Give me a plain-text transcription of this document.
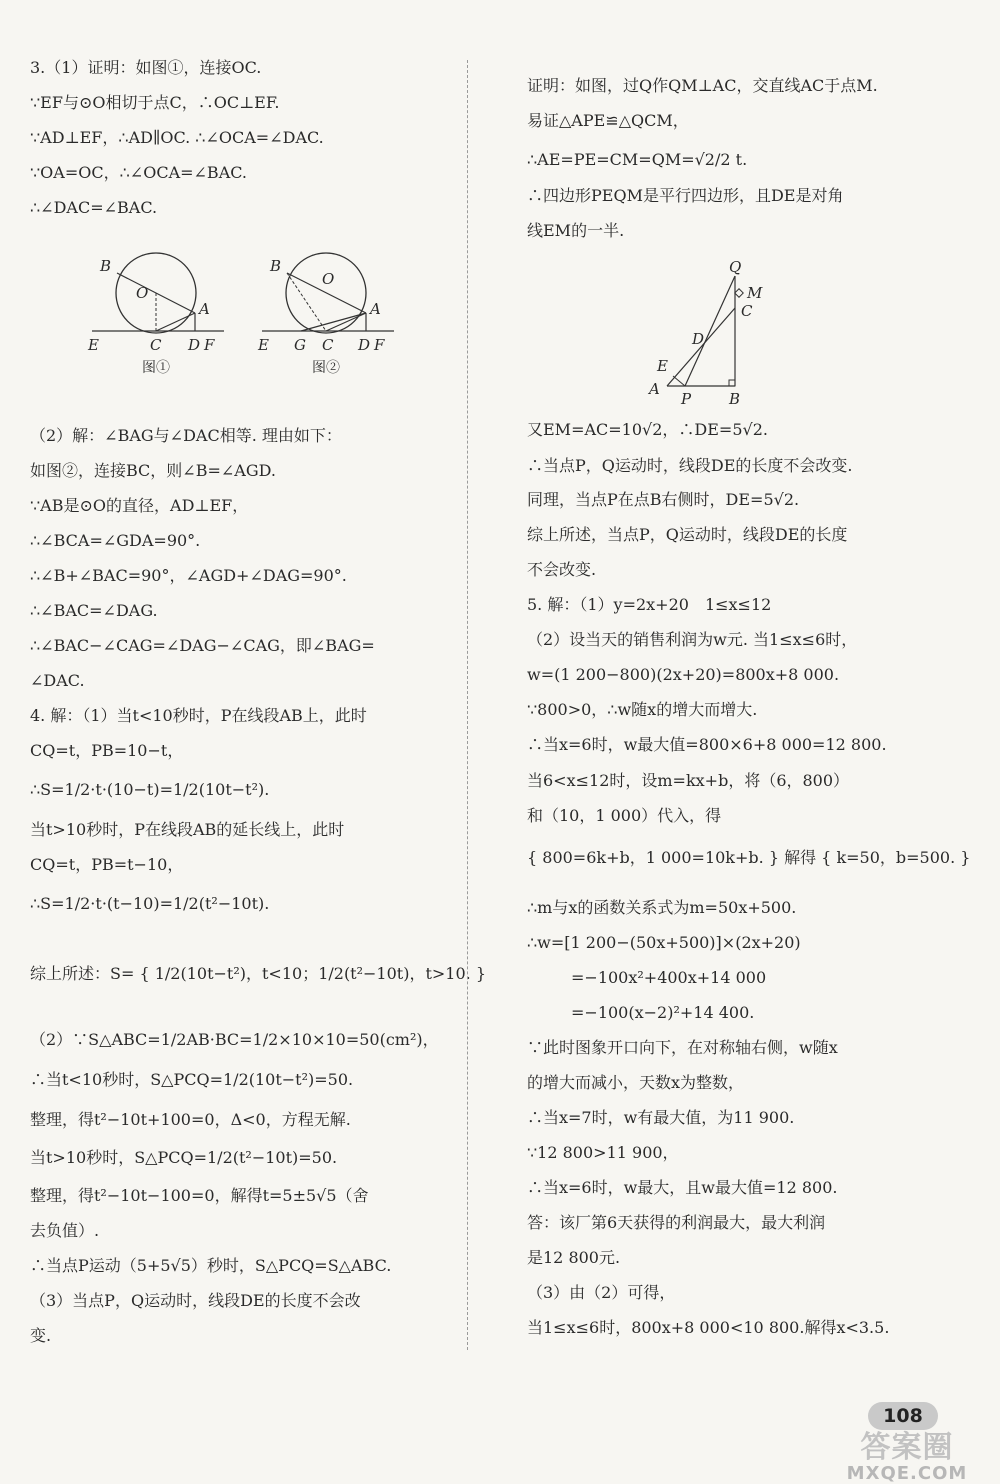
3.（1）证明：如图①，连接OC.
∵EF与⊙O相切于点C，∴OC⊥EF.
∵AD⊥EF，∴AD∥OC. ∴∠OCA=∠DAC.
∵OA=OC，∴∠OCA=∠BAC.
∴∠DAC=∠BAC.
B
O
A
E	C D F
图①
B
O
A
E G C D F
图②
（2）解：∠BAG与∠DAC相等. 理由如下：
如图②，连接BC，则∠B=∠AGD.
∵AB是⊙O的直径，AD⊥EF，
∴∠BCA=∠GDA=90°.
∴∠B+∠BAC=90°，∠AGD+∠DAG=90°.
∴∠BAC=∠DAG.
∴∠BAC−∠CAG=∠DAG−∠CAG，即∠BAG=
∠DAC.
4. 解：（1）当t<10秒时，P在线段AB上，此时
CQ=t，PB=10−t，
∴S=1/2·t·(10−t)=1/2(10t−t²).
当t>10秒时，P在线段AB的延长线上，此时
CQ=t，PB=t−10，
∴S=1/2·t·(t−10)=1/2(t²−10t).
综上所述：S= { 1/2(10t−t²)，t<10；1/2(t²−10t)，t>10. }
（2）∵S△ABC=1/2AB·BC=1/2×10×10=50(cm²)，
∴当t<10秒时，S△PCQ=1/2(10t−t²)=50.
整理，得t²−10t+100=0，Δ<0，方程无解.
当t>10秒时，S△PCQ=1/2(t²−10t)=50.
整理，得t²−10t−100=0，解得t=5±5√5（舍
去负值）.
∴当点P运动（5+5√5）秒时，S△PCQ=S△ABC.
（3）当点P，Q运动时，线段DE的长度不会改
变.
证明：如图，过Q作QM⊥AC，交直线AC于点M.
易证△APE≌△QCM，
∴AE=PE=CM=QM=√2/2 t.
∴四边形PEQM是平行四边形，且DE是对角
线EM的一半.
Q
M
C
D
E
A
P	B
又EM=AC=10√2，∴DE=5√2.
∴当点P，Q运动时，线段DE的长度不会改变.
同理，当点P在点B右侧时，DE=5√2.
综上所述，当点P，Q运动时，线段DE的长度
不会改变.
5. 解：（1）y=2x+20　1≤x≤12
（2）设当天的销售利润为w元. 当1≤x≤6时，
w=(1 200−800)(2x+20)=800x+8 000.
∵800>0，∴w随x的增大而增大.
∴当x=6时，w最大值=800×6+8 000=12 800.
当6<x≤12时，设m=kx+b，将（6，800）
和（10，1 000）代入，得
{ 800=6k+b，1 000=10k+b. } 解得 { k=50，b=500. }
∴m与x的函数关系式为m=50x+500.
∴w=[1 200−(50x+500)]×(2x+20)
=−100x²+400x+14 000
=−100(x−2)²+14 400.
∵此时图象开口向下，在对称轴右侧，w随x
的增大而减小，天数x为整数，
∴当x=7时，w有最大值，为11 900.
∵12 800>11 900，
∴当x=6时，w最大，且w最大值=12 800.
答：该厂第6天获得的利润最大，最大利润
是12 800元.
（3）由（2）可得，
当1≤x≤6时，800x+8 000<10 800.解得x<3.5.
108
答案圈
MXQE.COM
